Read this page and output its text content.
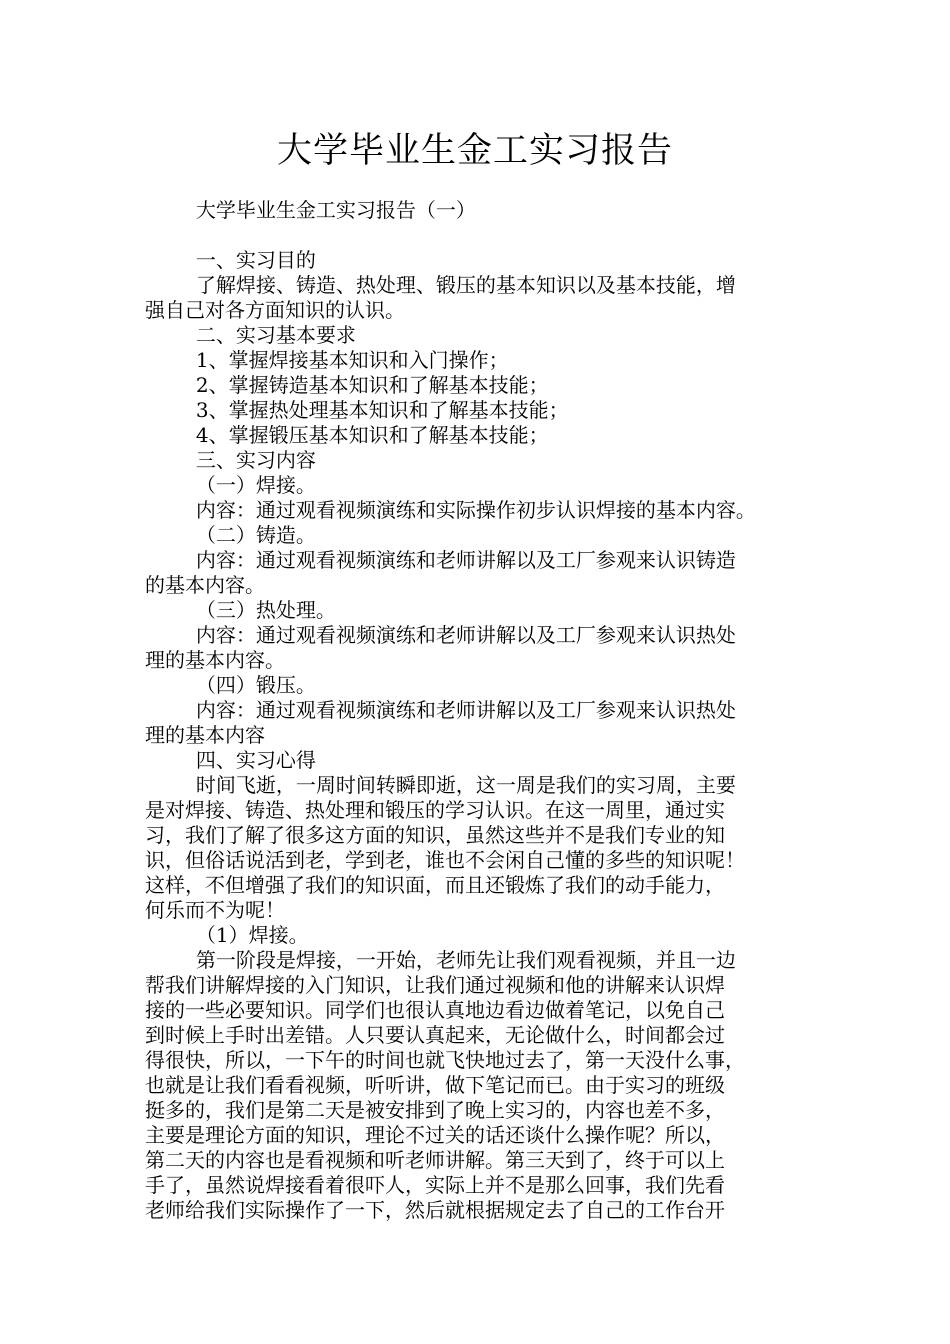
大学毕业生金工实习报告
大学毕业生金工实习报告（一）
一、实习目的
了解焊接、铸造、热处理、锻压的基本知识以及基本技能，增
强自己对各方面知识的认识。
二、实习基本要求
1、掌握焊接基本知识和入门操作；
2、掌握铸造基本知识和了解基本技能；
3、掌握热处理基本知识和了解基本技能；
4、掌握锻压基本知识和了解基本技能；
三、实习内容
（一）焊接。
内容：通过观看视频演练和实际操作初步认识焊接的基本内容。
（二）铸造。
内容：通过观看视频演练和老师讲解以及工厂参观来认识铸造
的基本内容。
（三）热处理。
内容：通过观看视频演练和老师讲解以及工厂参观来认识热处
理的基本内容。
（四）锻压。
内容：通过观看视频演练和老师讲解以及工厂参观来认识热处
理的基本内容
四、实习心得
时间飞逝，一周时间转瞬即逝，这一周是我们的实习周，主要
是对焊接、铸造、热处理和锻压的学习认识。在这一周里，通过实
习，我们了解了很多这方面的知识，虽然这些并不是我们专业的知
识，但俗话说活到老，学到老，谁也不会闲自己懂的多些的知识呢！
这样，不但增强了我们的知识面，而且还锻炼了我们的动手能力，
何乐而不为呢！
（1）焊接。
第一阶段是焊接，一开始，老师先让我们观看视频，并且一边
帮我们讲解焊接的入门知识，让我们通过视频和他的讲解来认识焊
接的一些必要知识。同学们也很认真地边看边做着笔记，以免自己
到时候上手时出差错。人只要认真起来，无论做什么，时间都会过
得很快，所以，一下午的时间也就飞快地过去了，第一天没什么事，
也就是让我们看看视频，听听讲，做下笔记而已。由于实习的班级
挺多的，我们是第二天是被安排到了晚上实习的，内容也差不多，
主要是理论方面的知识，理论不过关的话还谈什么操作呢？所以，
第二天的内容也是看视频和听老师讲解。第三天到了，终于可以上
手了，虽然说焊接看着很吓人，实际上并不是那么回事，我们先看
老师给我们实际操作了一下，然后就根据规定去了自己的工作台开
